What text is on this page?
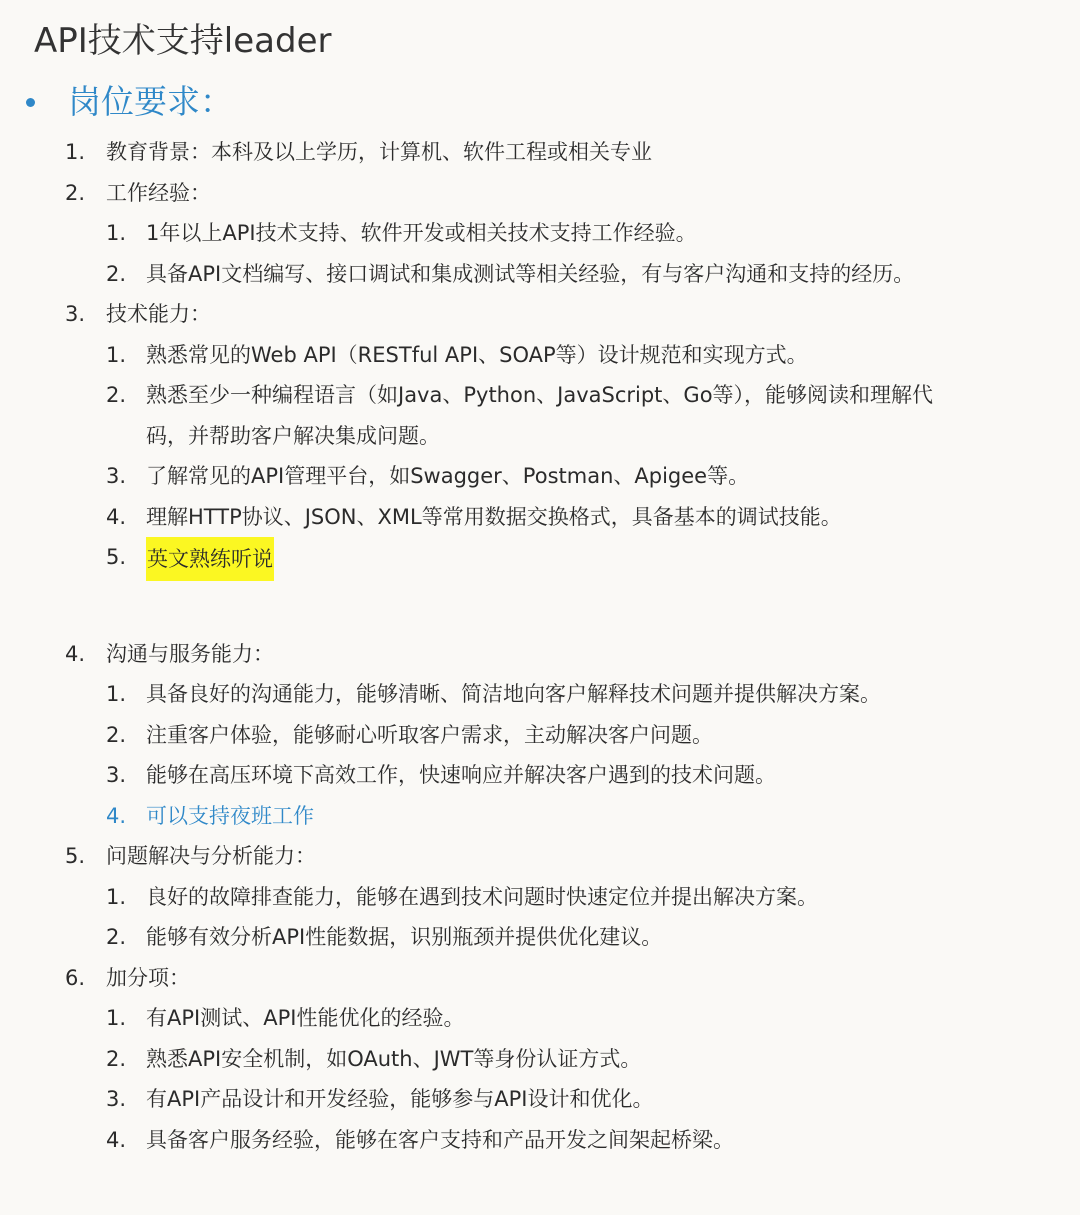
API技术支持leader
岗位要求：
1. 教育背景：本科及以上学历，计算机、软件工程或相关专业
2. 工作经验：
1. 1年以上API技术支持、软件开发或相关技术支持工作经验。
2. 具备API文档编写、接口调试和集成测试等相关经验，有与客户沟通和支持的经历。
3. 技术能力：
1. 熟悉常见的Web API（RESTful API、SOAP等）设计规范和实现方式。
2. 熟悉至少一种编程语言（如Java、Python、JavaScript、Go等），能够阅读和理解代
码，并帮助客户解决集成问题。
3. 了解常见的API管理平台，如Swagger、Postman、Apigee等。
4. 理解HTTP协议、JSON、XML等常用数据交换格式，具备基本的调试技能。
5. 英文熟练听说
4. 沟通与服务能力：
1. 具备良好的沟通能力，能够清晰、简洁地向客户解释技术问题并提供解决方案。
2. 注重客户体验，能够耐心听取客户需求，主动解决客户问题。
3. 能够在高压环境下高效工作，快速响应并解决客户遇到的技术问题。
4. 可以支持夜班工作
5. 问题解决与分析能力：
1. 良好的故障排查能力，能够在遇到技术问题时快速定位并提出解决方案。
2. 能够有效分析API性能数据，识别瓶颈并提供优化建议。
6. 加分项：
1. 有API测试、API性能优化的经验。
2. 熟悉API安全机制，如OAuth、JWT等身份认证方式。
3. 有API产品设计和开发经验，能够参与API设计和优化。
4. 具备客户服务经验，能够在客户支持和产品开发之间架起桥梁。
